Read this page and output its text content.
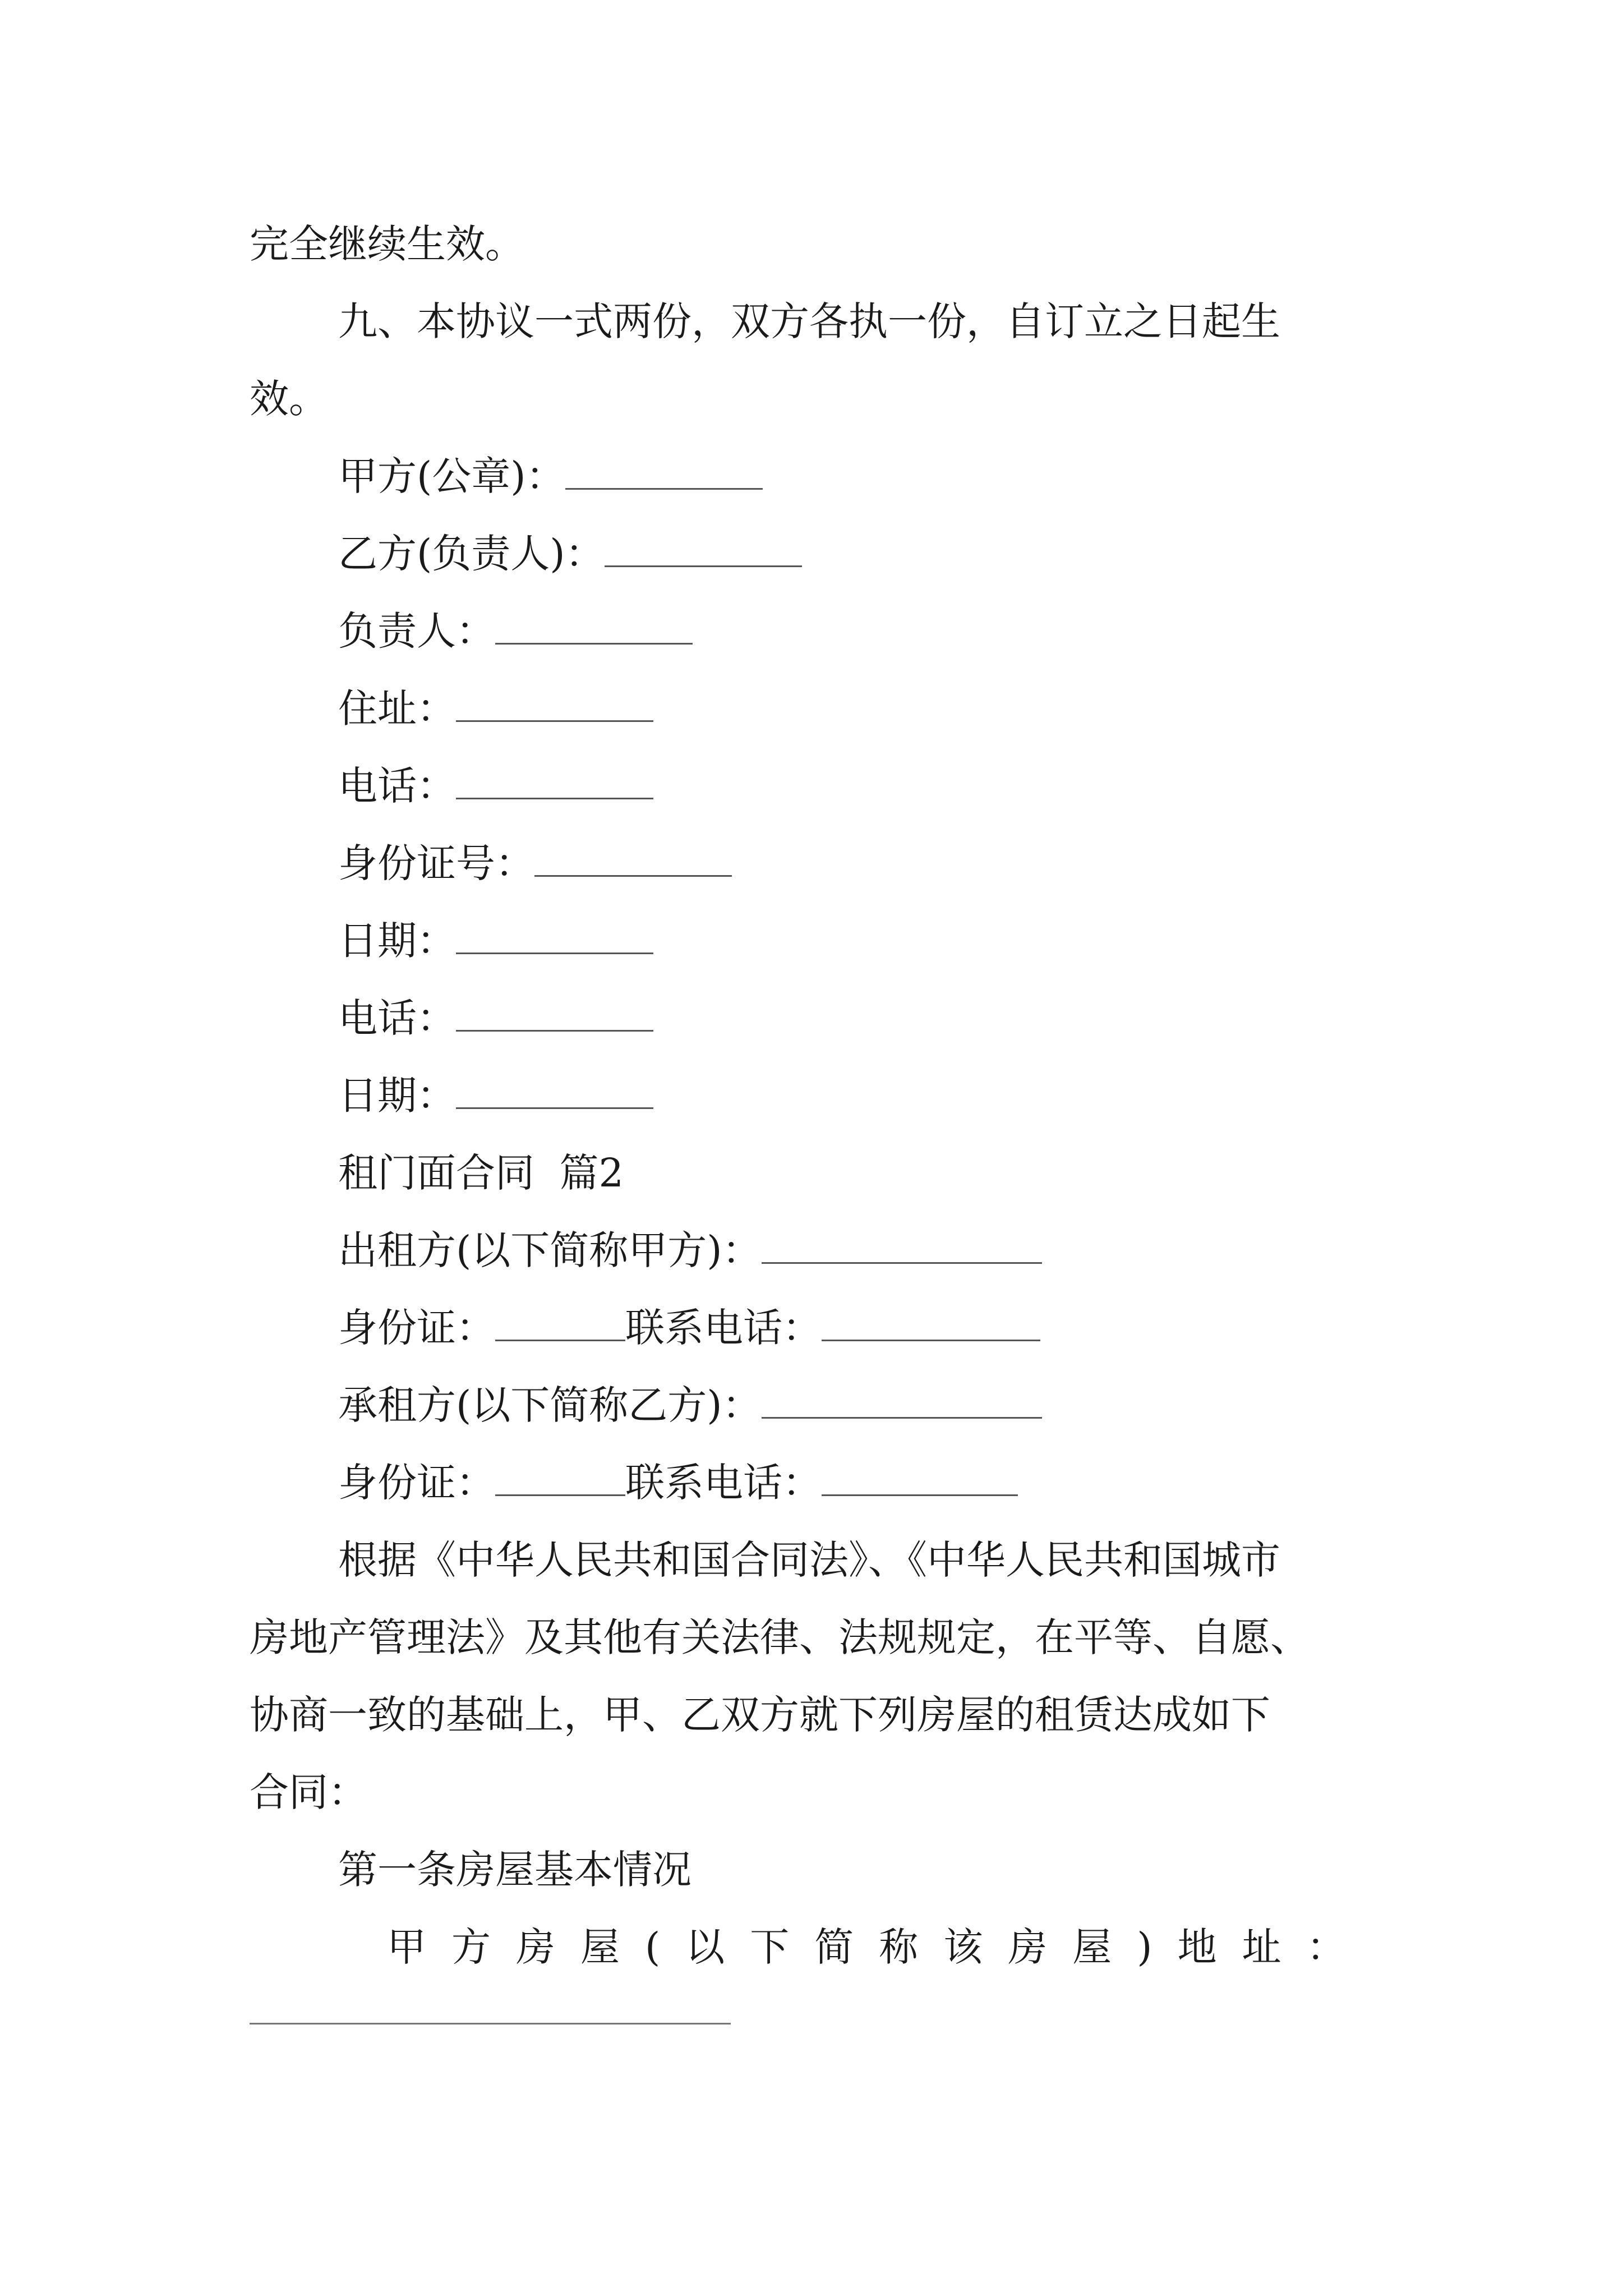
完全继续生效。
九、本协议一式两份，双方各执一份，自订立之日起生
效。
甲方(公章)：
乙方(负责人)：
负责人：
住址：
电话：
身份证号：
日期：
电话：
日期：
租门面合同  篇2
出租方(以下简称甲方)：
身份证：	联系电话：
承租方(以下简称乙方)：
身份证：	联系电话：
根据《中华人民共和国合同法》、《中华人民共和国城市
房地产管理法》及其他有关法律、法规规定，在平等、自愿、
协商一致的基础上，甲、乙双方就下列房屋的租赁达成如下
合同：
第一条房屋基本情况
甲方房屋(以下简称该房屋)地址：
